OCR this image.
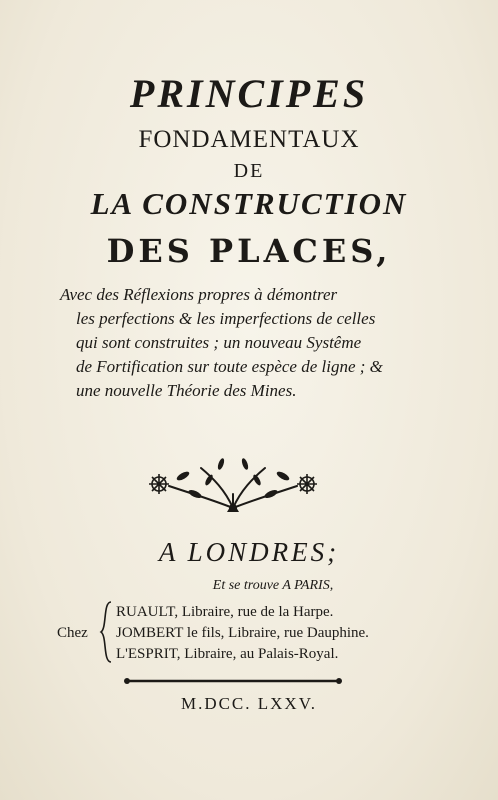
PRINCIPES
FONDAMENTAUX
DE
LA CONSTRUCTION
DES PLACES,
Avec des Réflexions propres à démontrer
les perfections & les imperfections de celles
qui sont construites ; un nouveau Systême
de Fortification sur toute espèce de ligne ; &
une nouvelle Théorie des Mines.
A LONDRES;
Et se trouve A PARIS,
Chez
RUAULT, Libraire, rue de la Harpe.
JOMBERT le fils, Libraire, rue Dauphine.
L'ESPRIT, Libraire, au Palais-Royal.
M.DCC. LXXV.
